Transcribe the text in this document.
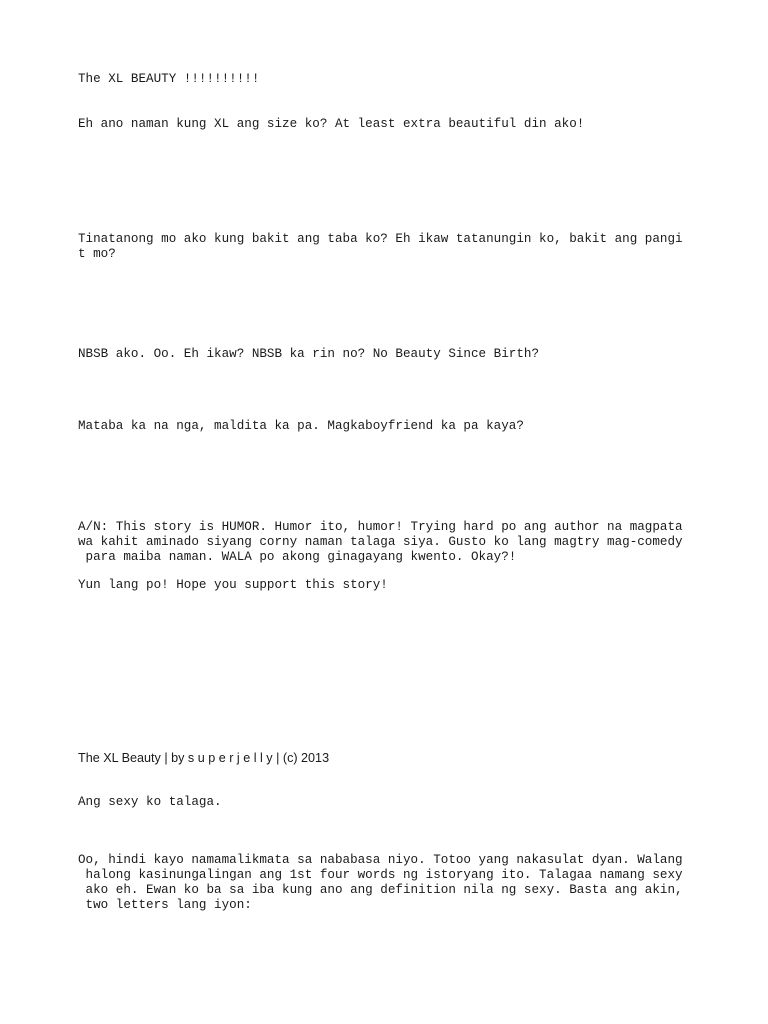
The XL BEAUTY !!!!!!!!!!

Eh ano naman kung XL ang size ko? At least extra beautiful din ako!

Tinatanong mo ako kung bakit ang taba ko? Eh ikaw tatanungin ko, bakit ang pangi

t mo?

NBSB ako. Oo. Eh ikaw? NBSB ka rin no? No Beauty Since Birth?

Mataba ka na nga, maldita ka pa. Magkaboyfriend ka pa kaya?

A/N: This story is HUMOR. Humor ito, humor! Trying hard po ang author na magpata

wa kahit aminado siyang corny naman talaga siya. Gusto ko lang magtry mag-comedy

para maiba naman. WALA po akong ginagayang kwento. Okay?!

Yun lang po! Hope you support this story!

The XL Beauty | by s u p e r j e l l y | (c) 2013

Ang sexy ko talaga.

Oo, hindi kayo namamalikmata sa nababasa niyo. Totoo yang nakasulat dyan. Walang

halong kasinungalingan ang 1st four words ng istoryang ito. Talagaa namang sexy

ako eh. Ewan ko ba sa iba kung ano ang definition nila ng sexy. Basta ang akin,

two letters lang iyon:
